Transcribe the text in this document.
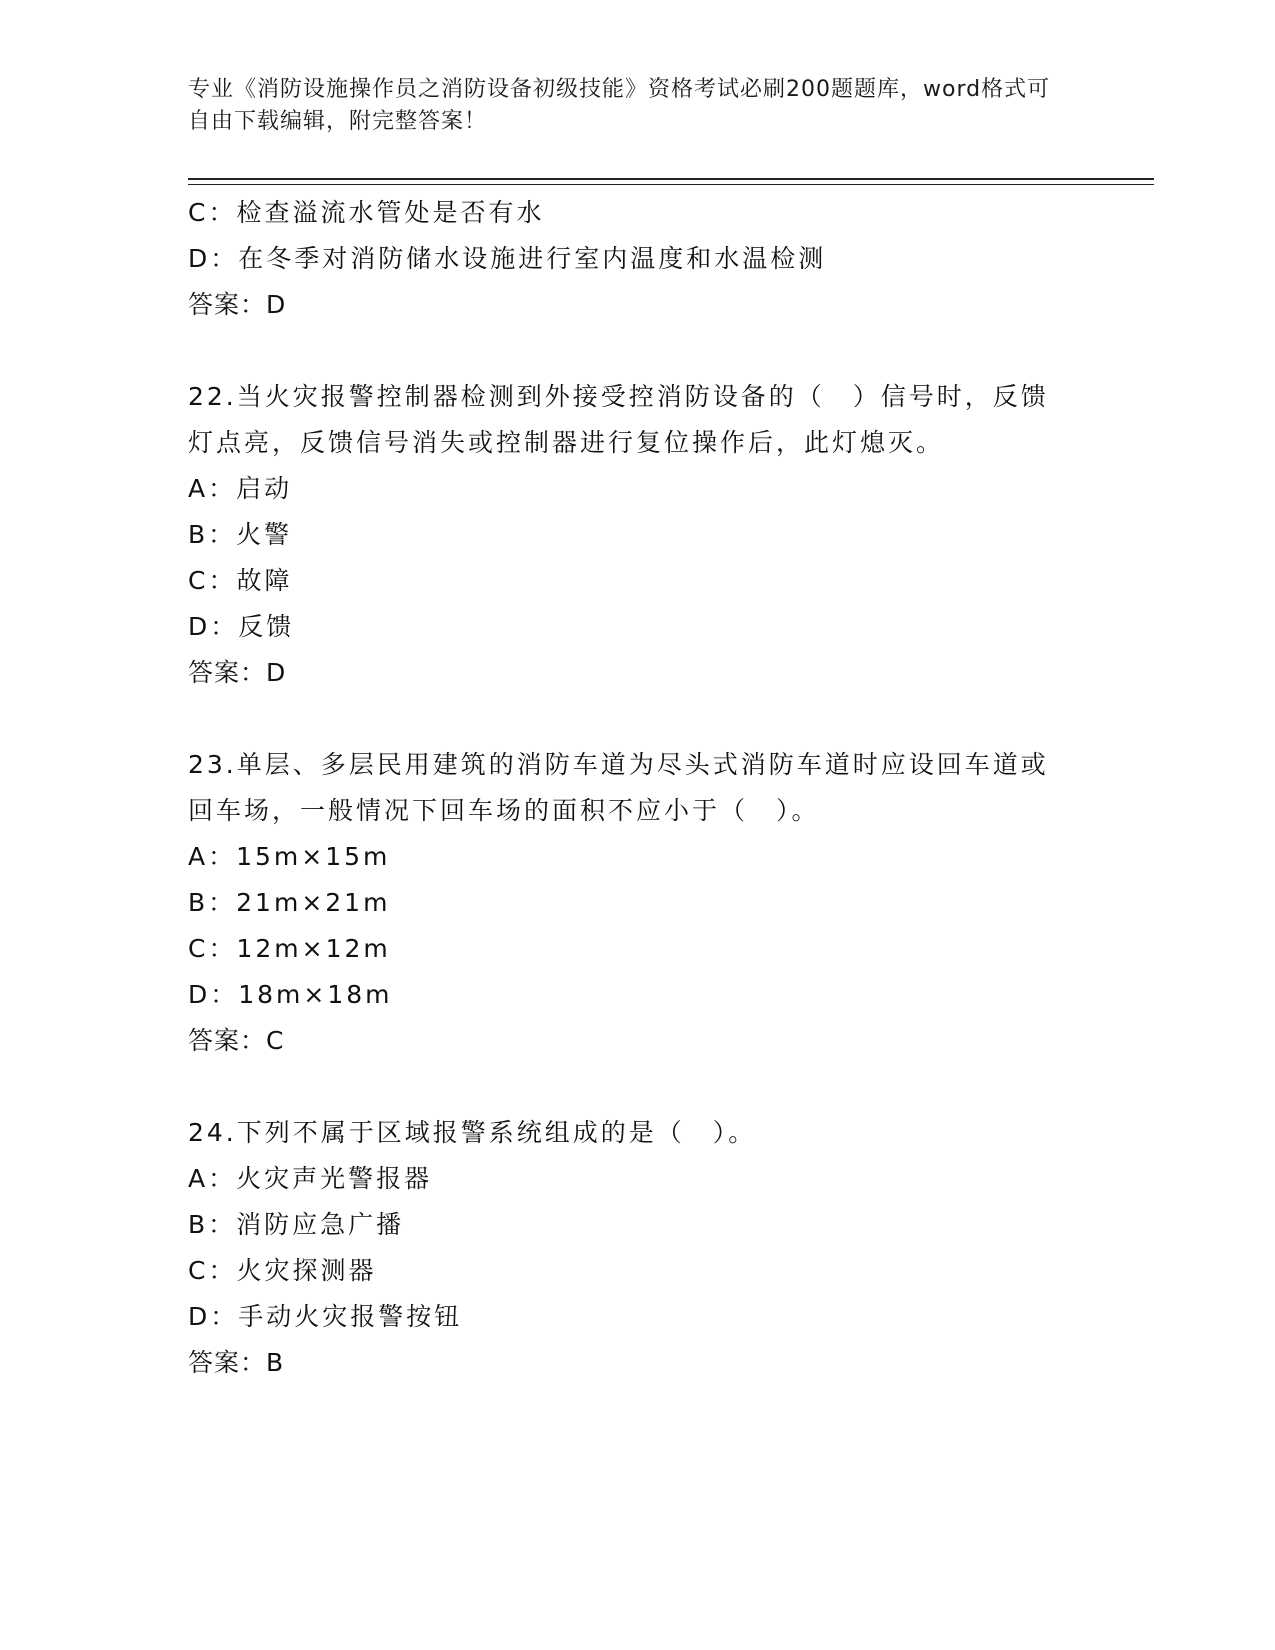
专业《消防设施操作员之消防设备初级技能》资格考试必刷200题题库，word格式可自由下载编辑，附完整答案！
C：检查溢流水管处是否有水
D：在冬季对消防储水设施进行室内温度和水温检测
答案：D
22.当火灾报警控制器检测到外接受控消防设备的（　）信号时，反馈
灯点亮，反馈信号消失或控制器进行复位操作后，此灯熄灭。
A：启动
B：火警
C：故障
D：反馈
答案：D
23.单层、多层民用建筑的消防车道为尽头式消防车道时应设回车道或
回车场，一般情况下回车场的面积不应小于（　）。
A：15m×15m
B：21m×21m
C：12m×12m
D：18m×18m
答案：C
24.下列不属于区域报警系统组成的是（　）。
A：火灾声光警报器
B：消防应急广播
C：火灾探测器
D：手动火灾报警按钮
答案：B
